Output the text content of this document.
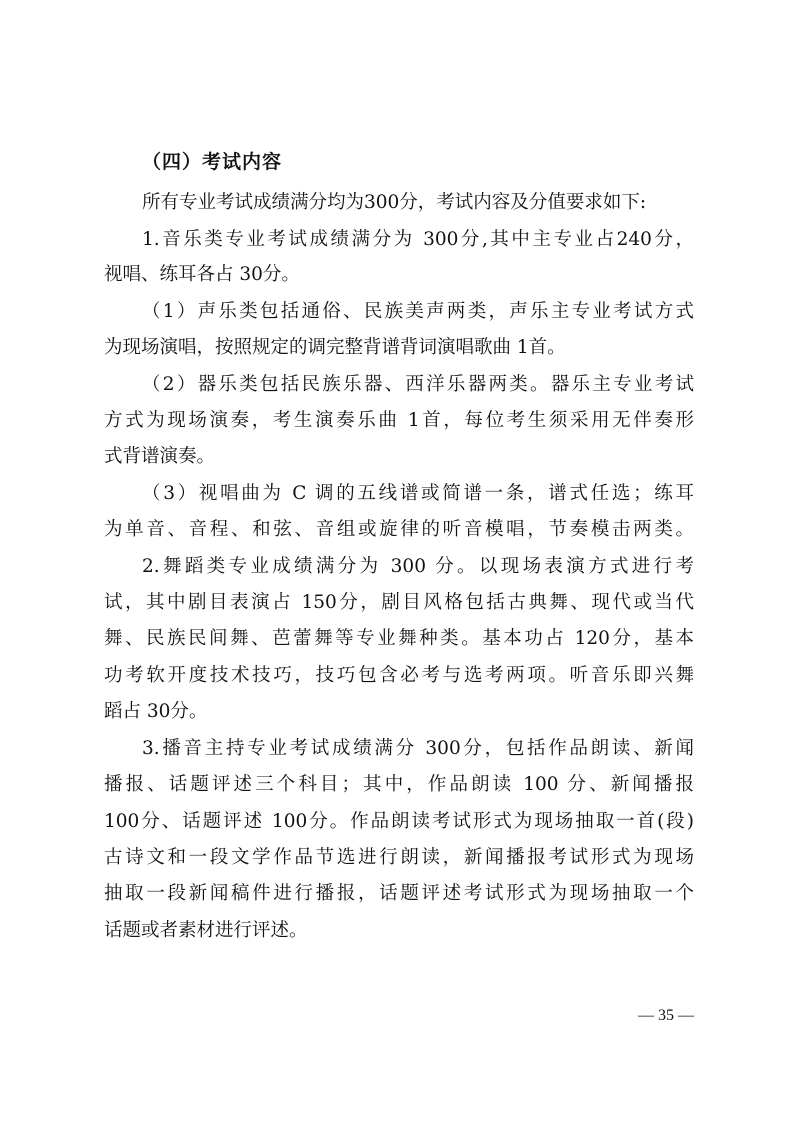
（四）考试内容
所有专业考试成绩满分均为300分，考试内容及分值要求如下:
1.音乐类专业考试成绩满分为 300分,其中主专业占240分，
视唱、练耳各占 30分。
（1）声乐类包括通俗、民族美声两类，声乐主专业考试方式
为现场演唱，按照规定的调完整背谱背词演唱歌曲 1首。
（2）器乐类包括民族乐器、西洋乐器两类。器乐主专业考试
方式为现场演奏，考生演奏乐曲 1首，每位考生须采用无伴奏形
式背谱演奏。
（3）视唱曲为 C 调的五线谱或简谱一条，谱式任选；练耳
为单音、音程、和弦、音组或旋律的听音模唱，节奏模击两类。
2.舞蹈类专业成绩满分为 300 分。以现场表演方式进行考
试，其中剧目表演占 150分，剧目风格包括古典舞、现代或当代
舞、民族民间舞、芭蕾舞等专业舞种类。基本功占 120分，基本
功考软开度技术技巧，技巧包含必考与选考两项。听音乐即兴舞
蹈占 30分。
3.播音主持专业考试成绩满分 300分，包括作品朗读、新闻
播报、话题评述三个科目；其中，作品朗读 100 分、新闻播报
100分、话题评述 100分。作品朗读考试形式为现场抽取一首(段)
古诗文和一段文学作品节选进行朗读，新闻播报考试形式为现场
抽取一段新闻稿件进行播报，话题评述考试形式为现场抽取一个
话题或者素材进行评述。
— 35 —
